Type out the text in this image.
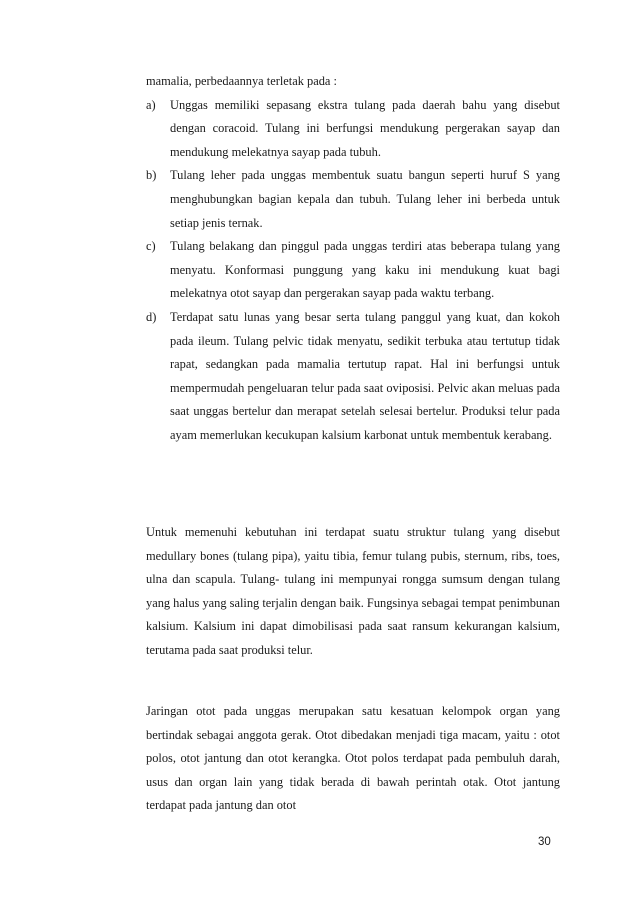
mamalia, perbedaannya terletak pada :

a) Unggas memiliki sepasang ekstra tulang pada daerah bahu yang disebut dengan coracoid. Tulang ini berfungsi mendukung pergerakan sayap dan mendukung melekatnya sayap pada tubuh.
b) Tulang leher pada unggas membentuk suatu bangun seperti huruf S yang menghubungkan bagian kepala dan tubuh. Tulang leher ini berbeda untuk setiap jenis ternak.
c) Tulang belakang dan pinggul pada unggas terdiri atas beberapa tulang yang menyatu. Konformasi punggung yang kaku ini mendukung kuat bagi melekatnya otot sayap dan pergerakan sayap pada waktu terbang.
d) Terdapat satu lunas yang besar serta tulang panggul yang kuat, dan kokoh pada ileum. Tulang pelvic tidak menyatu, sedikit terbuka atau tertutup tidak rapat, sedangkan pada mamalia tertutup rapat. Hal ini berfungsi untuk mempermudah pengeluaran telur pada saat oviposisi. Pelvic akan meluas pada saat unggas bertelur dan merapat setelah selesai bertelur. Produksi telur pada ayam memerlukan kecukupan kalsium karbonat untuk membentuk kerabang.

Untuk memenuhi kebutuhan ini terdapat suatu struktur tulang yang disebut medullary bones (tulang pipa), yaitu tibia, femur tulang pubis, sternum, ribs, toes, ulna dan scapula. Tulang- tulang ini mempunyai rongga sumsum dengan tulang yang halus yang saling terjalin dengan baik. Fungsinya sebagai tempat penimbunan kalsium. Kalsium ini dapat dimobilisasi pada saat ransum kekurangan kalsium, terutama pada saat produksi telur.

Jaringan otot pada unggas merupakan satu kesatuan kelompok organ yang bertindak sebagai anggota gerak. Otot dibedakan menjadi tiga macam, yaitu : otot polos, otot jantung dan otot kerangka. Otot polos terdapat pada pembuluh darah, usus dan organ lain yang tidak berada di bawah perintah otak. Otot jantung terdapat pada jantung dan otot

30
